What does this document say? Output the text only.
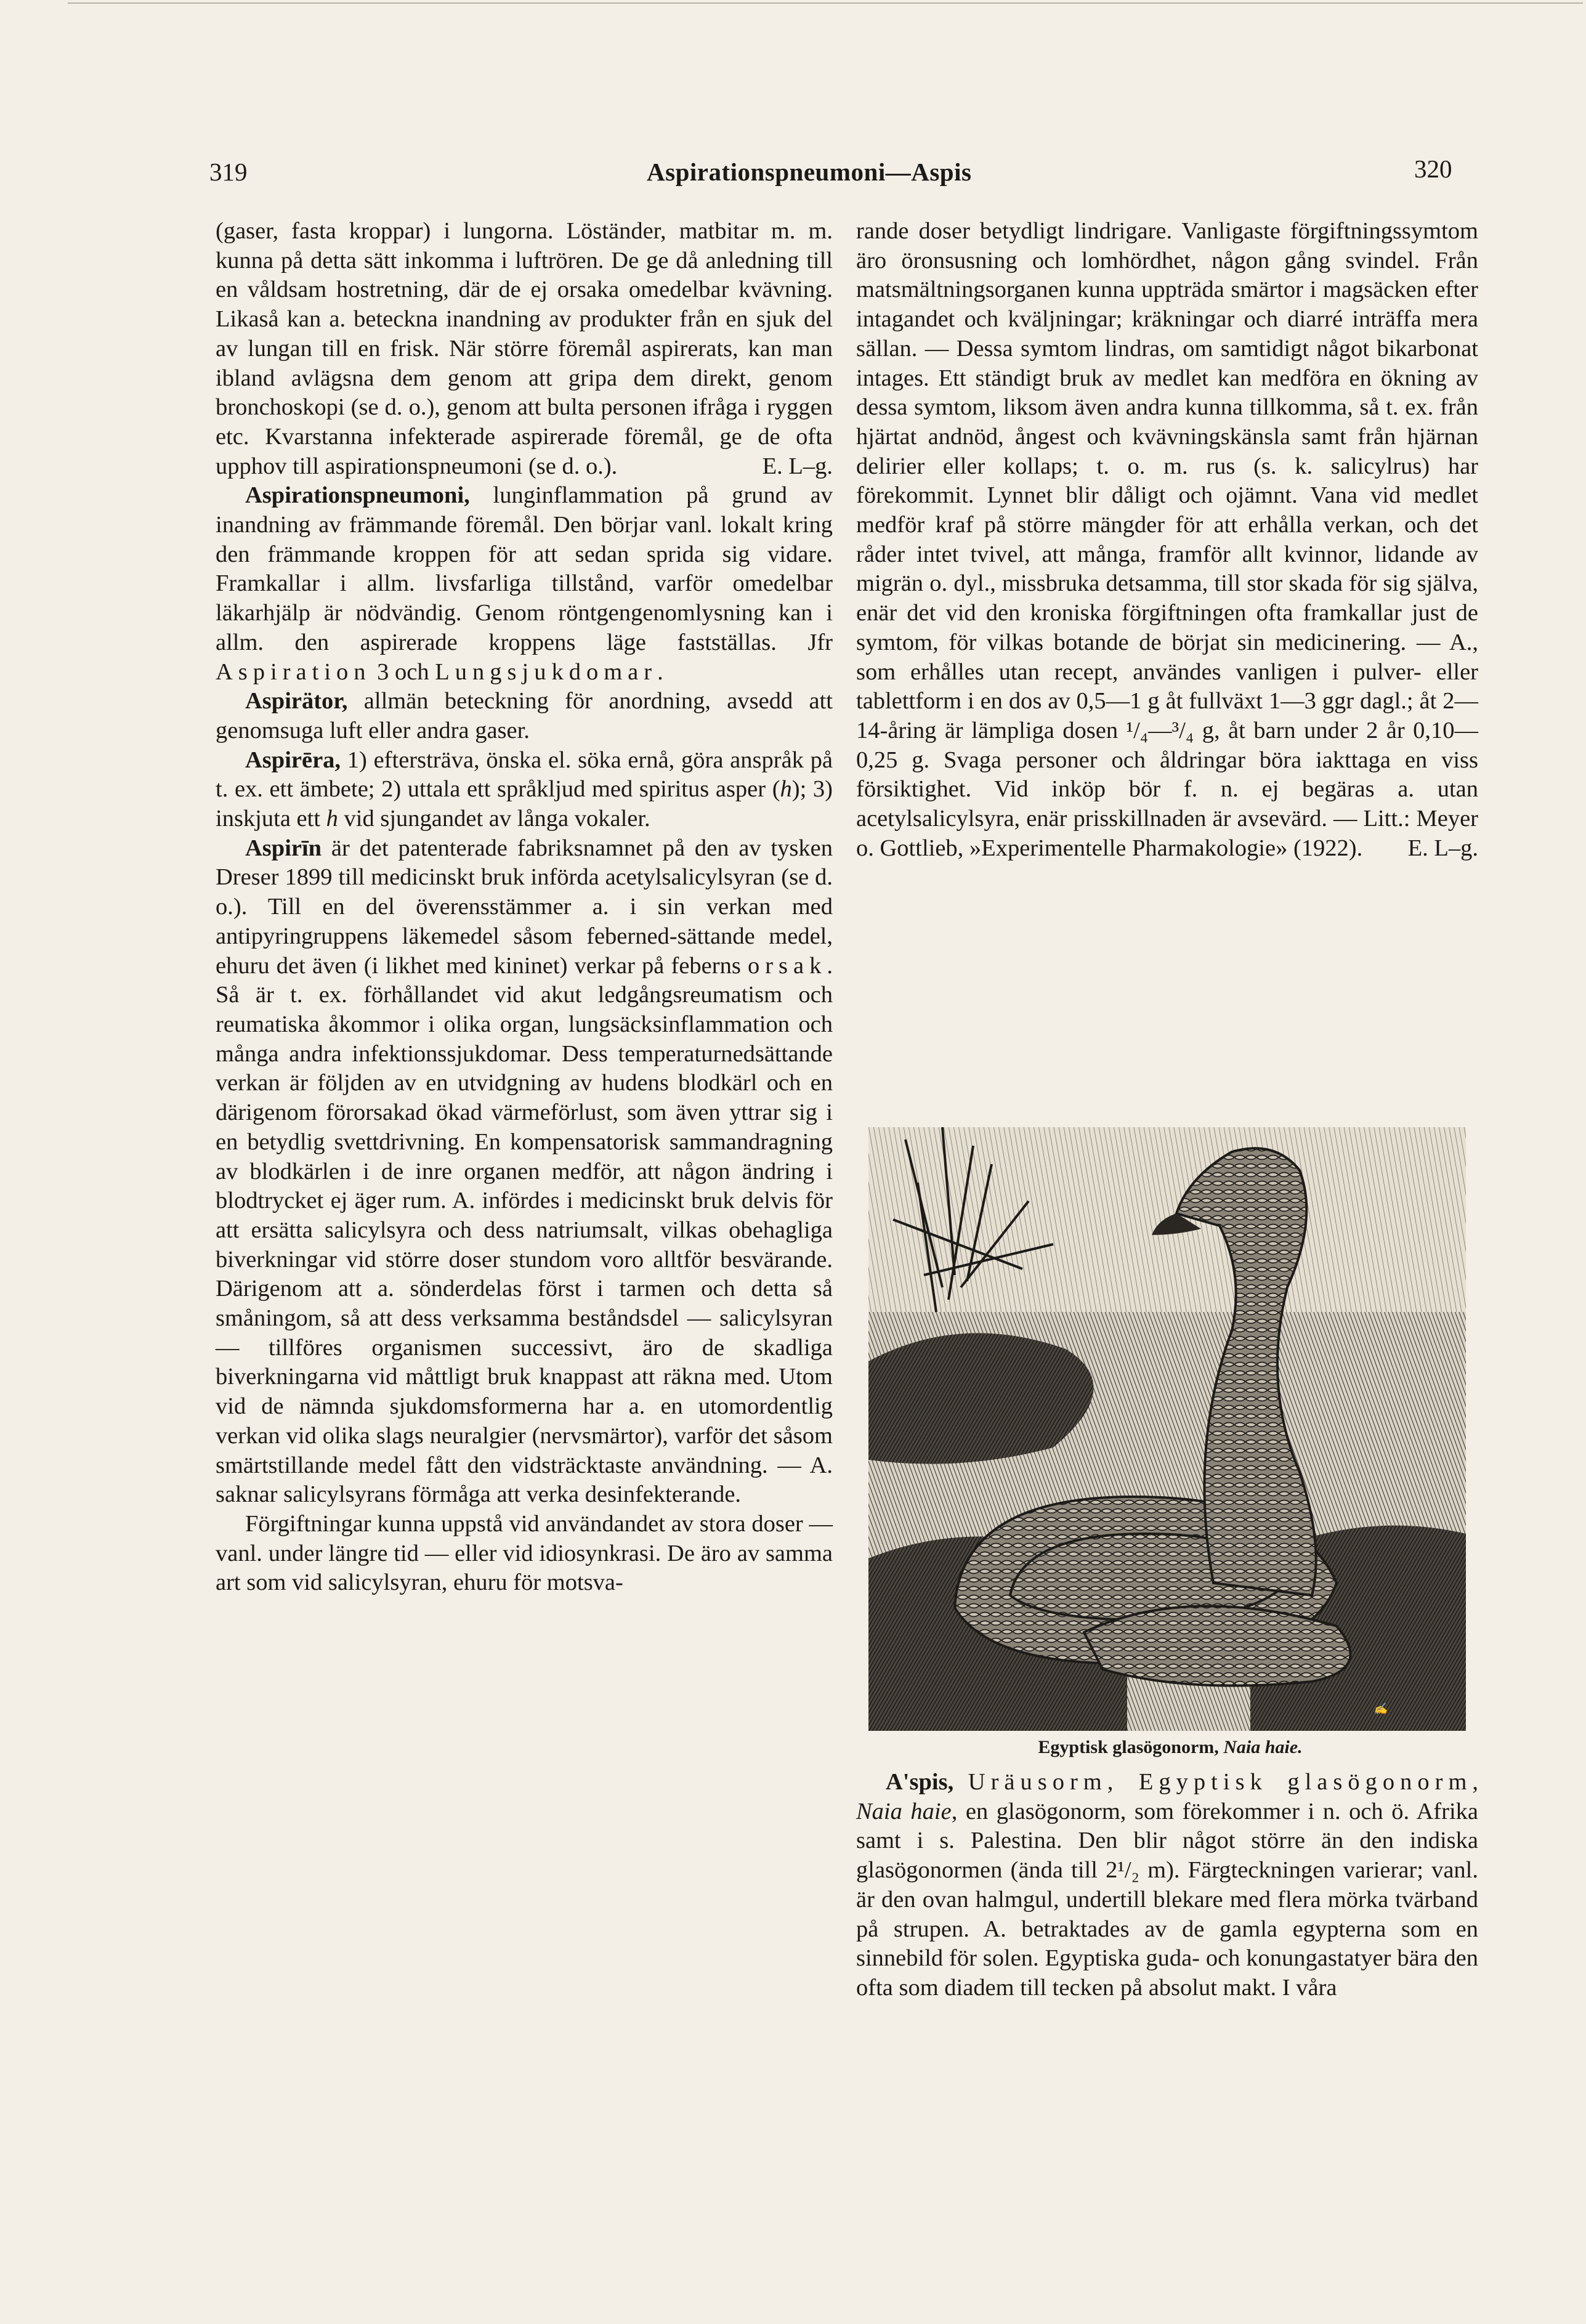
319	Aspirationspneumoni—Aspis	320

(gaser, fasta kroppar) i lungorna. Löständer, matbitar m. m. kunna på detta sätt inkomma i luftrören. De ge då anledning till en våldsam hostretning, där de ej orsaka omedelbar kvävning. Likaså kan a. beteckna inandning av produkter från en sjuk del av lungan till en frisk. När större föremål aspirerats, kan man ibland avlägsna dem genom att gripa dem direkt, genom bronchoskopi (se d. o.), genom att bulta personen ifråga i ryggen etc. Kvarstanna infekterade aspirerade föremål, ge de ofta upphov till aspirationspneumoni (se d. o.).	E. L–g.

Aspirationspneumoni, lunginflammation på grund av inandning av främmande föremål. Den börjar vanl. lokalt kring den främmande kroppen för att sedan sprida sig vidare. Framkallar i allm. livsfarliga tillstånd, varför omedelbar läkarhjälp är nödvändig. Genom röntgengenomlysning kan i allm. den aspirerade kroppens läge fastställas. Jfr Aspiration 3 och Lungsjukdomar.

Aspirätor, allmän beteckning för anordning, avsedd att genomsuga luft eller andra gaser.

Aspirēra, 1) eftersträva, önska el. söka ernå, göra anspråk på t. ex. ett ämbete; 2) uttala ett språkljud med spiritus asper (h); 3) inskjuta ett h vid sjungandet av långa vokaler.

Aspirīn är det patenterade fabriksnamnet på den av tysken Dreser 1899 till medicinskt bruk införda acetylsalicylsyran (se d. o.). Till en del överensstämmer a. i sin verkan med antipyringruppens läkemedel såsom feberned-sättande medel, ehuru det även (i likhet med kininet) verkar på feberns orsak. Så är t. ex. förhållandet vid akut ledgångsreumatism och reumatiska åkommor i olika organ, lungsäcksinflammation och många andra infektionssjukdomar. Dess temperaturnedsättande verkan är följden av en utvidgning av hudens blodkärl och en därigenom förorsakad ökad värmeförlust, som även yttrar sig i en betydlig svettdrivning. En kompensatorisk sammandragning av blodkärlen i de inre organen medför, att någon ändring i blodtrycket ej äger rum. A. infördes i medicinskt bruk delvis för att ersätta salicylsyra och dess natriumsalt, vilkas obehagliga biverkningar vid större doser stundom voro alltför besvärande. Därigenom att a. sönderdelas först i tarmen och detta så småningom, så att dess verksamma beståndsdel — salicylsyran — tillföres organismen successivt, äro de skadliga biverkningarna vid måttligt bruk knappast att räkna med. Utom vid de nämnda sjukdomsformerna har a. en utomordentlig verkan vid olika slags neuralgier (nervsmärtor), varför det såsom smärtstillande medel fått den vidsträcktaste användning. — A. saknar salicylsyrans förmåga att verka desinfekterande.

Förgiftningar kunna uppstå vid användandet av stora doser — vanl. under längre tid — eller vid idiosynkrasi. De äro av samma art som vid salicylsyran, ehuru för motsva-

rande doser betydligt lindrigare. Vanligaste förgiftningssymtom äro öronsusning och lomhördhet, någon gång svindel. Från matsmältningsorganen kunna uppträda smärtor i magsäcken efter intagandet och kväljningar; kräkningar och diarré inträffa mera sällan. — Dessa symtom lindras, om samtidigt något bikarbonat intages. Ett ständigt bruk av medlet kan medföra en ökning av dessa symtom, liksom även andra kunna tillkomma, så t. ex. från hjärtat andnöd, ångest och kvävningskänsla samt från hjärnan delirier eller kollaps; t. o. m. rus (s. k. salicylrus) har förekommit. Lynnet blir dåligt och ojämnt. Vana vid medlet medför kraf på större mängder för att erhålla verkan, och det råder intet tvivel, att många, framför allt kvinnor, lidande av migrän o. dyl., missbruka detsamma, till stor skada för sig själva, enär det vid den kroniska förgiftningen ofta framkallar just de symtom, för vilkas botande de börjat sin medicinering. — A., som erhålles utan recept, användes vanligen i pulver- eller tablettform i en dos av 0,5—1 g åt fullväxt 1—3 ggr dagl.; åt 2—14-åring är lämpliga dosen ¹/₄—³/₄ g, åt barn under 2 år 0,10—0,25 g. Svaga personer och åldringar böra iakttaga en viss försiktighet. Vid inköp bör f. n. ej begäras a. utan acetylsalicylsyra, enär prisskillnaden är avsevärd. — Litt.: Meyer o. Gottlieb, »Experimentelle Pharmakologie» (1922). E. L–g.

✍
Egyptisk glasögonorm, Naia haie.

A'spis, Uräusorm, Egyptisk glasögonorm, Naia haie, en glasögonorm, som förekommer i n. och ö. Afrika samt i s. Palestina. Den blir något större än den indiska glasögonormen (ända till 2¹/₂ m). Färgteckningen varierar; vanl. är den ovan halmgul, undertill blekare med flera mörka tvärband på strupen. A. betraktades av de gamla egypterna som en sinnebild för solen. Egyptiska guda- och konungastatyer bära den ofta som diadem till tecken på absolut makt. I våra
